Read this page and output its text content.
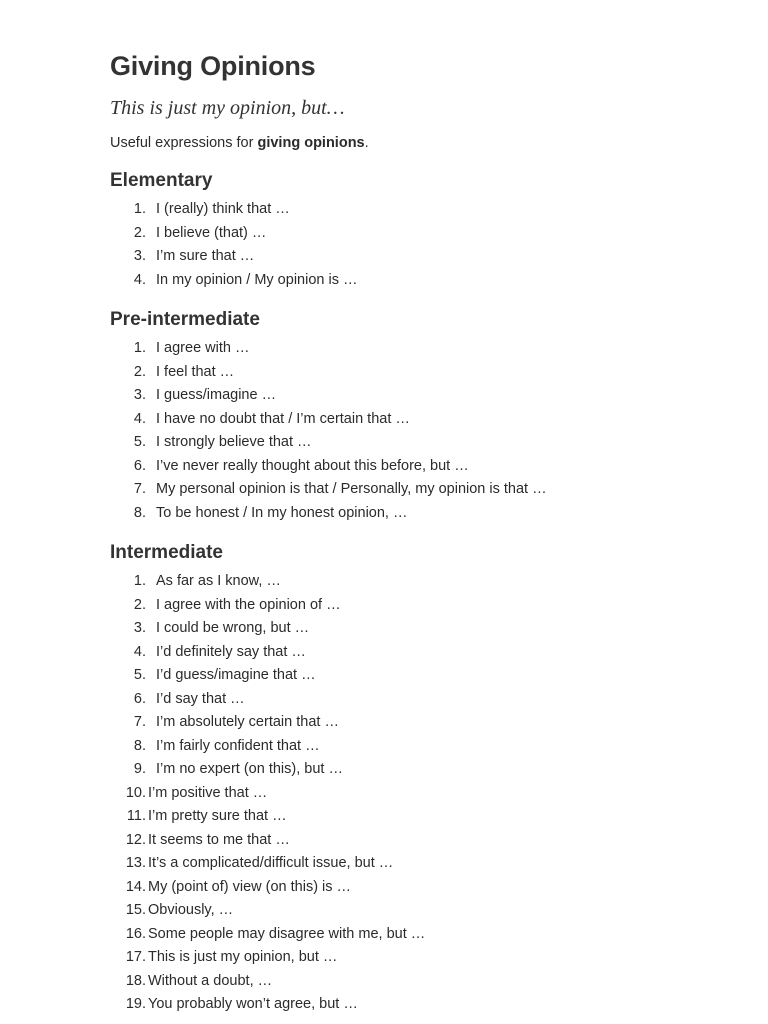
Giving Opinions

This is just my opinion, but…

Useful expressions for giving opinions.

Elementary
1. I (really) think that …
2. I believe (that) …
3. I’m sure that …
4. In my opinion / My opinion is …
Pre-intermediate
1. I agree with …
2. I feel that …
3. I guess/imagine …
4. I have no doubt that / I’m certain that …
5. I strongly believe that …
6. I’ve never really thought about this before, but …
7. My personal opinion is that / Personally, my opinion is that …
8. To be honest / In my honest opinion, …
Intermediate
1. As far as I know, …
2. I agree with the opinion of …
3. I could be wrong, but …
4. I’d definitely say that …
5. I’d guess/imagine that …
6. I’d say that …
7. I’m absolutely certain that …
8. I’m fairly confident that …
9. I’m no expert (on this), but …
10. I’m positive that …
11. I’m pretty sure that …
12. It seems to me that …
13. It’s a complicated/difficult issue, but …
14. My (point of) view (on this) is …
15. Obviously, …
16. Some people may disagree with me, but …
17. This is just my opinion, but …
18. Without a doubt, …
19. You probably won’t agree, but …
